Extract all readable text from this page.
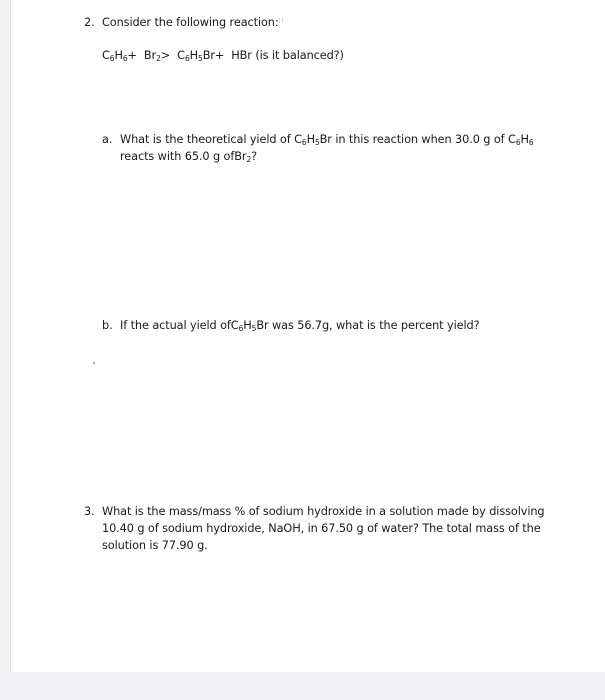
2. Consider the following reaction:∷
$C_6H_6+ Br_2> C_6H_5Br+$  HBr (is it balanced?)
a. What is the theoretical yield of $C_6H_5Br$ in this reaction when 30.0 g of $C_6H_6$
reacts with 65.0 g ofBr$_2$?
b. If the actual yield $ofC_6H_5Br$ was 56.7g, what is the percent yield?
3. What is the mass/mass % of sodium hydroxide in a solution made by dissolving
10.40 g of sodium hydroxide, NaOH, in 67.50 g of water? The total mass of the
solution is 77.90 g.
